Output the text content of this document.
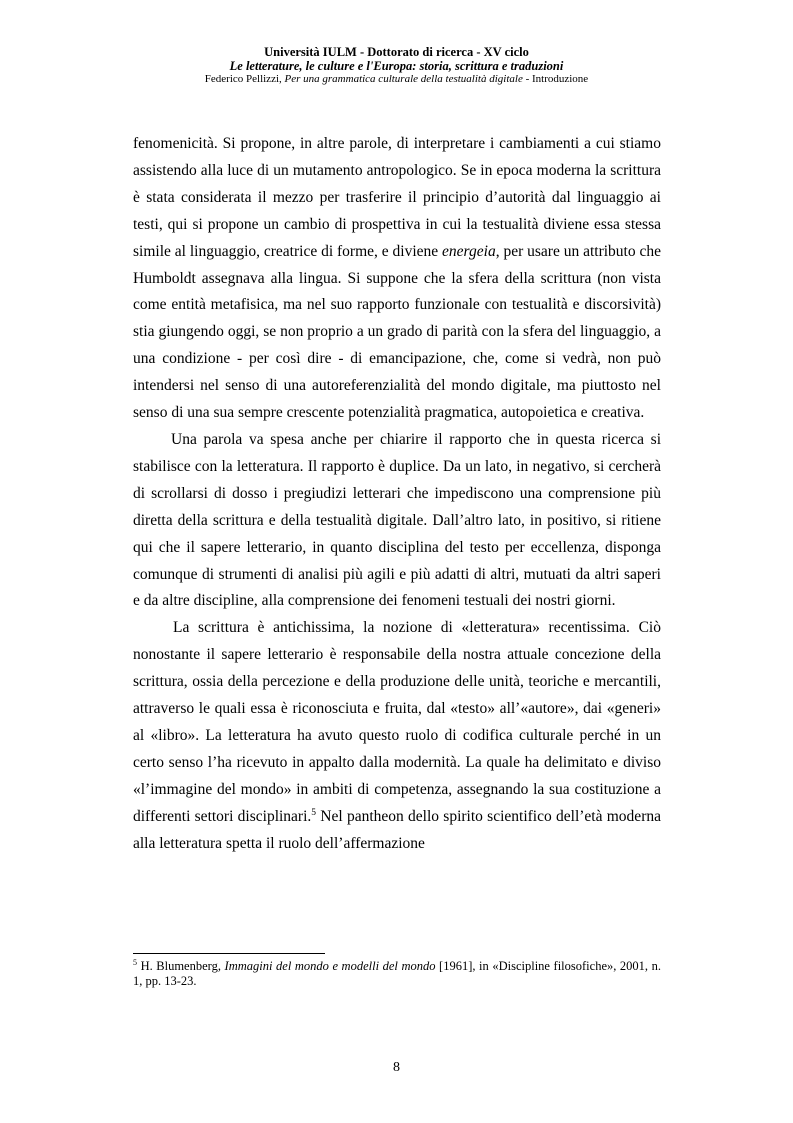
Università IULM - Dottorato di ricerca - XV ciclo
Le letterature, le culture e l'Europa: storia, scrittura e traduzioni
Federico Pellizzi, Per una grammatica culturale della testualità digitale - Introduzione

fenomenicità. Si propone, in altre parole, di interpretare i cambiamenti a cui stiamo assistendo alla luce di un mutamento antropologico. Se in epoca moderna la scrittura è stata considerata il mezzo per trasferire il principio d’autorità dal linguaggio ai testi, qui si propone un cambio di prospettiva in cui la testualità diviene essa stessa simile al linguaggio, creatrice di forme, e diviene energeia, per usare un attributo che Humboldt assegnava alla lingua. Si suppone che la sfera della scrittura (non vista come entità metafisica, ma nel suo rapporto funzionale con testualità e discorsività) stia giungendo oggi, se non proprio a un grado di parità con la sfera del linguaggio, a una condizione - per così dire - di emancipazione, che, come si vedrà, non può intendersi nel senso di una autoreferenzialità del mondo digitale, ma piuttosto nel senso di una sua sempre crescente potenzialità pragmatica, autopoietica e creativa.

Una parola va spesa anche per chiarire il rapporto che in questa ricerca si stabilisce con la letteratura. Il rapporto è duplice. Da un lato, in negativo, si cercherà di scrollarsi di dosso i pregiudizi letterari che impediscono una comprensione più diretta della scrittura e della testualità digitale. Dall’altro lato, in positivo, si ritiene qui che il sapere letterario, in quanto disciplina del testo per eccellenza, disponga comunque di strumenti di analisi più agili e più adatti di altri, mutuati da altri saperi e da altre discipline, alla comprensione dei fenomeni testuali dei nostri giorni.

La scrittura è antichissima, la nozione di «letteratura» recentissima. Ciò nonostante il sapere letterario è responsabile della nostra attuale concezione della scrittura, ossia della percezione e della produzione delle unità, teoriche e mercantili, attraverso le quali essa è riconosciuta e fruita, dal «testo» all’«autore», dai «generi» al «libro». La letteratura ha avuto questo ruolo di codifica culturale perché in un certo senso l’ha ricevuto in appalto dalla modernità. La quale ha delimitato e diviso «l’immagine del mondo» in ambiti di competenza, assegnando la sua costituzione a differenti settori disciplinari.$^5$ Nel pantheon dello spirito scientifico dell’età moderna alla letteratura spetta il ruolo dell’affermazione

$^5$ H. Blumenberg, Immagini del mondo e modelli del mondo [1961], in «Discipline filosofiche», 2001, n. 1, pp. 13-23.
8
